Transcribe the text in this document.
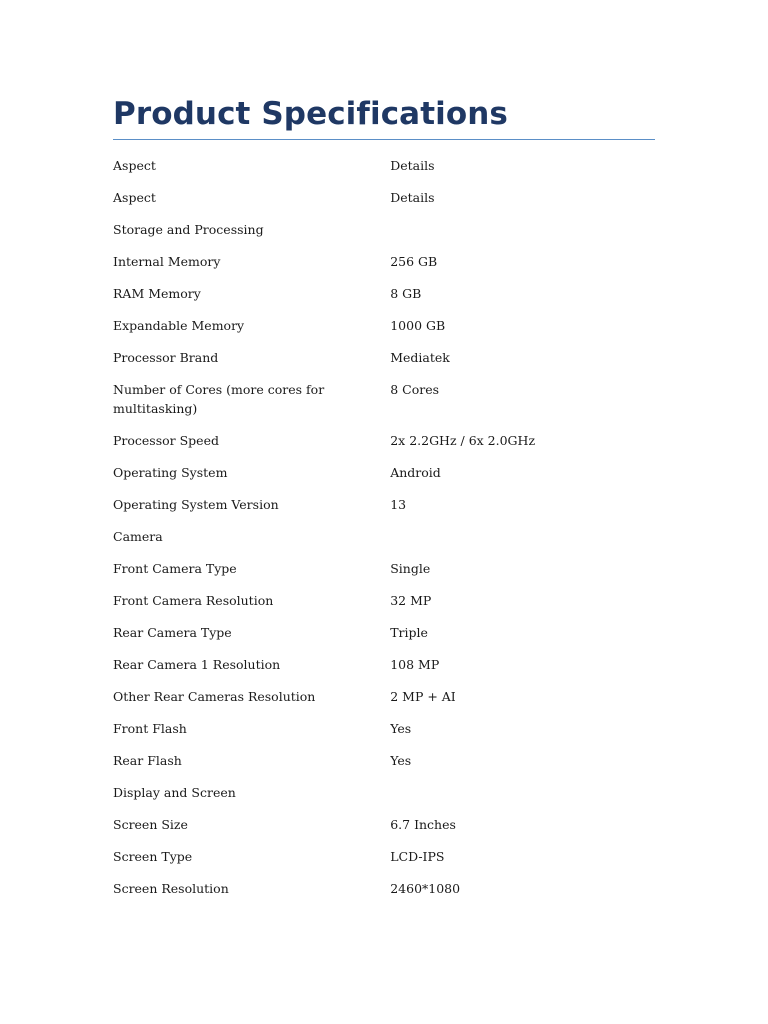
Product Specifications
Aspect	Details
Aspect	Details
Storage and Processing	
Internal Memory	256 GB
RAM Memory	8 GB
Expandable Memory	1000 GB
Processor Brand	Mediatek
Number of Cores (more cores for multitasking)	8 Cores
Processor Speed	2x 2.2GHz / 6x 2.0GHz
Operating System	Android
Operating System Version	13
Camera	
Front Camera Type	Single
Front Camera Resolution	32 MP
Rear Camera Type	Triple
Rear Camera 1 Resolution	108 MP
Other Rear Cameras Resolution	2 MP + AI
Front Flash	Yes
Rear Flash	Yes
Display and Screen	
Screen Size	6.7 Inches
Screen Type	LCD-IPS
Screen Resolution	2460*1080
